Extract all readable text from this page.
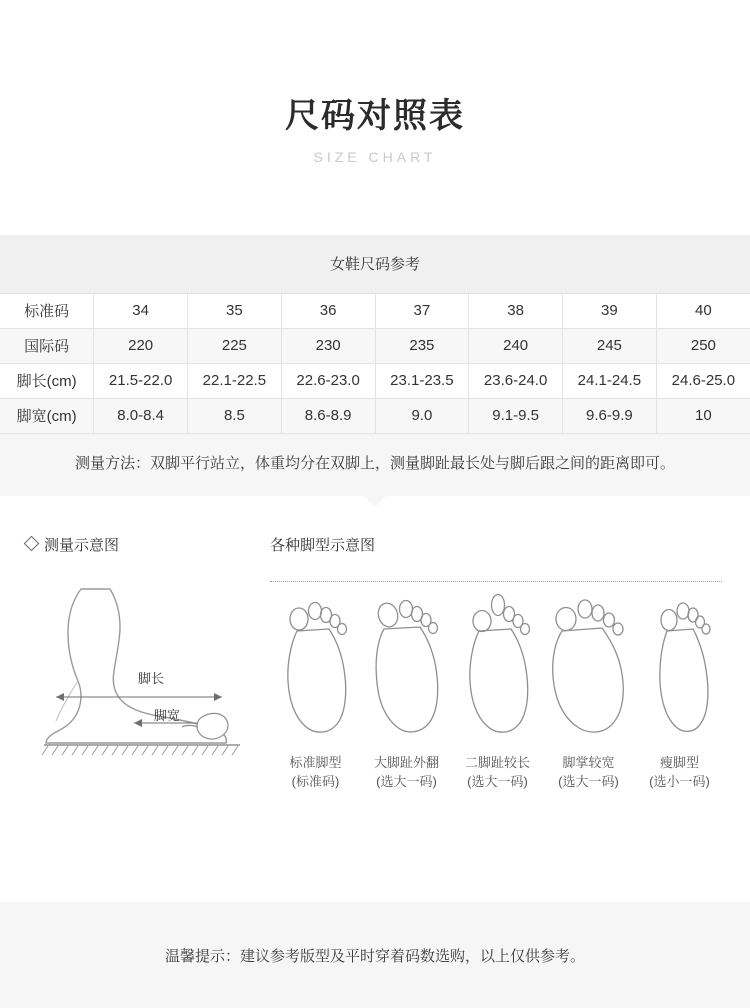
尺码对照表
SIZE CHART
女鞋尺码参考							
标准码	34	35	36	37	38	39	40
国际码	220	225	230	235	240	245	250
脚长(cm)	21.5-22.0	22.1-22.5	22.6-23.0	23.1-23.5	23.6-24.0	24.1-24.5	24.6-25.0
脚宽(cm)	8.0-8.4	8.5	8.6-8.9	9.0	9.1-9.5	9.6-9.9	10
测量方法：双脚平行站立，体重均分在双脚上，测量脚趾最长处与脚后跟之间的距离即可。
测量示意图
脚长
脚宽
各种脚型示意图
标准脚型
(标准码)
大脚趾外翻
(选大一码)
二脚趾较长
(选大一码)
脚掌较宽
(选大一码)
瘦脚型
(选小一码)
温馨提示：建议参考版型及平时穿着码数选购，以上仅供参考。
